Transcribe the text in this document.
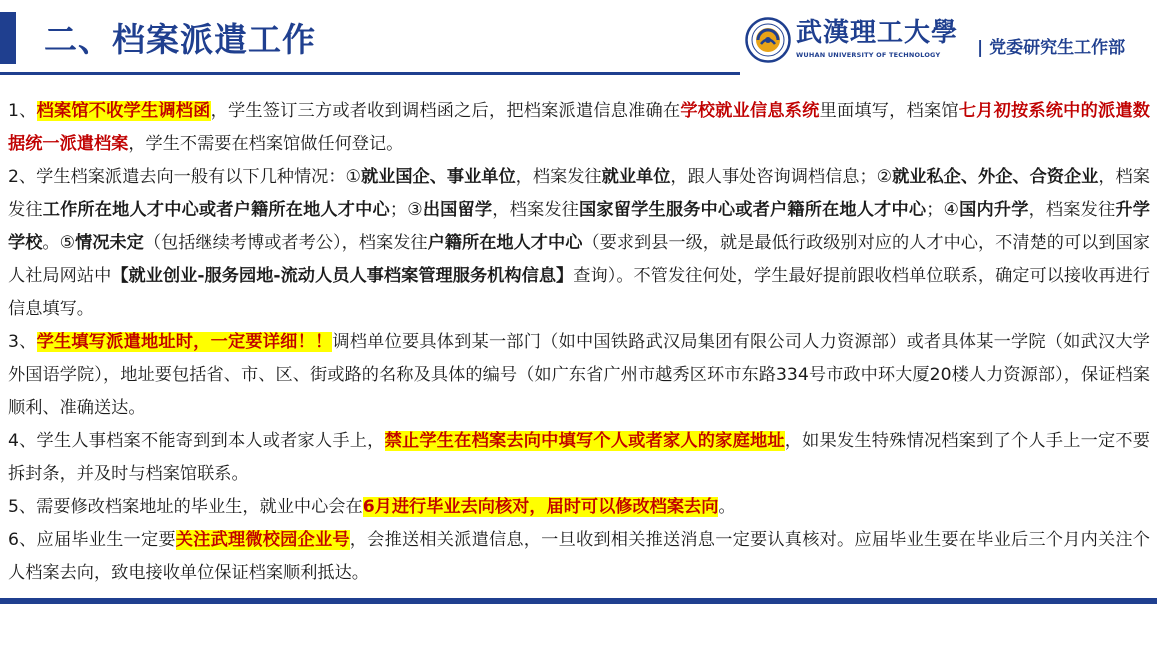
二、档案派遣工作	武漢理工大學
WUHAN UNIVERSITY OF TECHNOLOGY	| 党委研究生工作部

1、档案馆不收学生调档函，学生签订三方或者收到调档函之后，把档案派遣信息准确在学校就业信息系统里面填写，档案馆七月初按系统中的派遣数据统一派遣档案，学生不需要在档案馆做任何登记。

2、学生档案派遣去向一般有以下几种情况：①就业国企、事业单位，档案发往就业单位，跟人事处咨询调档信息；②就业私企、外企、合资企业，档案发往工作所在地人才中心或者户籍所在地人才中心；③出国留学，档案发往国家留学生服务中心或者户籍所在地人才中心；④国内升学，档案发往升学学校。⑤情况未定（包括继续考博或者考公），档案发往户籍所在地人才中心（要求到县一级，就是最低行政级别对应的人才中心，不清楚的可以到国家人社局网站中【就业创业-服务园地-流动人员人事档案管理服务机构信息】查询）。不管发往何处，学生最好提前跟收档单位联系，确定可以接收再进行信息填写。

3、学生填写派遣地址时，一定要详细！！调档单位要具体到某一部门（如中国铁路武汉局集团有限公司人力资源部）或者具体某一学院（如武汉大学外国语学院），地址要包括省、市、区、街或路的名称及具体的编号（如广东省广州市越秀区环市东路334号市政中环大厦20楼人力资源部），保证档案顺利、准确送达。

4、学生人事档案不能寄到到本人或者家人手上，禁止学生在档案去向中填写个人或者家人的家庭地址，如果发生特殊情况档案到了个人手上一定不要拆封条，并及时与档案馆联系。

5、需要修改档案地址的毕业生，就业中心会在6月进行毕业去向核对，届时可以修改档案去向。

6、应届毕业生一定要关注武理微校园企业号，会推送相关派遣信息，一旦收到相关推送消息一定要认真核对。应届毕业生要在毕业后三个月内关注个人档案去向，致电接收单位保证档案顺利抵达。
